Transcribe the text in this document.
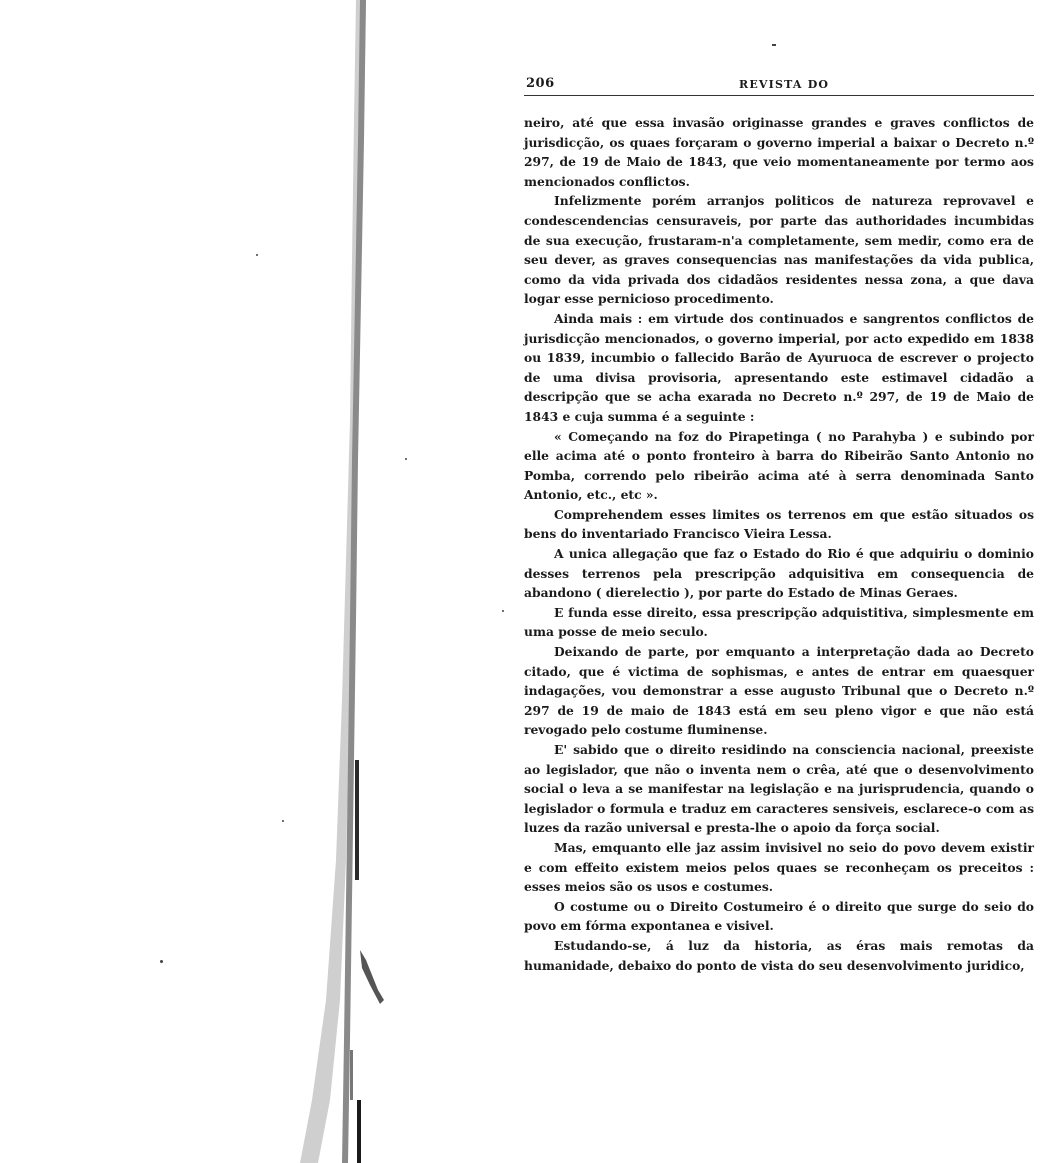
206	REVISTA DO

neiro, até que essa invasão originasse grandes e graves conflictos de jurisdicção, os quaes forçaram o governo imperial a baixar o Decreto n.º 297, de 19 de Maio de 1843, que veio momentaneamente por termo aos mencionados conflictos.

Infelizmente porém arranjos politicos de natureza reprovavel e condescendencias censuraveis, por parte das authoridades incumbidas de sua execução, frustaram-n'a completamente, sem medir, como era de seu dever, as graves consequencias nas manifestações da vida publica, como da vida privada dos cidadãos residentes nessa zona, a que dava logar esse pernicioso procedimento.

Ainda mais : em virtude dos continuados e sangrentos conflictos de jurisdicção mencionados, o governo imperial, por acto expedido em 1838 ou 1839, incumbio o fallecido Barão de Ayuruoca de escrever o projecto de uma divisa provisoria, apresentando este estimavel cidadão a descripção que se acha exarada no Decreto n.º 297, de 19 de Maio de 1843 e cuja summa é a seguinte :

« Começando na foz do Pirapetinga ( no Parahyba ) e subindo por elle acima até o ponto fronteiro à barra do Ribeirão Santo Antonio no Pomba, correndo pelo ribeirão acima até à serra denominada Santo Antonio, etc., etc ».

Comprehendem esses limites os terrenos em que estão situados os bens do inventariado Francisco Vieira Lessa.

A unica allegação que faz o Estado do Rio é que adquiriu o dominio desses terrenos pela prescripção adquisitiva em consequencia de abandono ( dierelectio ), por parte do Estado de Minas Geraes.

E funda esse direito, essa prescripção adquistitiva, simplesmente em uma posse de meio seculo.

Deixando de parte, por emquanto a interpretação dada ao Decreto citado, que é victima de sophismas, e antes de entrar em quaesquer indagações, vou demonstrar a esse augusto Tribunal que o Decreto n.º 297 de 19 de maio de 1843 está em seu pleno vigor e que não está revogado pelo costume fluminense.

E' sabido que o direito residindo na consciencia nacional, preexiste ao legislador, que não o inventa nem o crêa, até que o desenvolvimento social o leva a se manifestar na legislação e na jurisprudencia, quando o legislador o formula e traduz em caracteres sensiveis, esclarece-o com as luzes da razão universal e presta-lhe o apoio da força social.

Mas, emquanto elle jaz assim invisivel no seio do povo devem existir e com effeito existem meios pelos quaes se reconheçam os preceitos : esses meios são os usos e costumes.

O costume ou o Direito Costumeiro é o direito que surge do seio do povo em fórma expontanea e visivel.

Estudando-se, á luz da historia, as éras mais remotas da humanidade, debaixo do ponto de vista do seu desenvolvimento juridico,
